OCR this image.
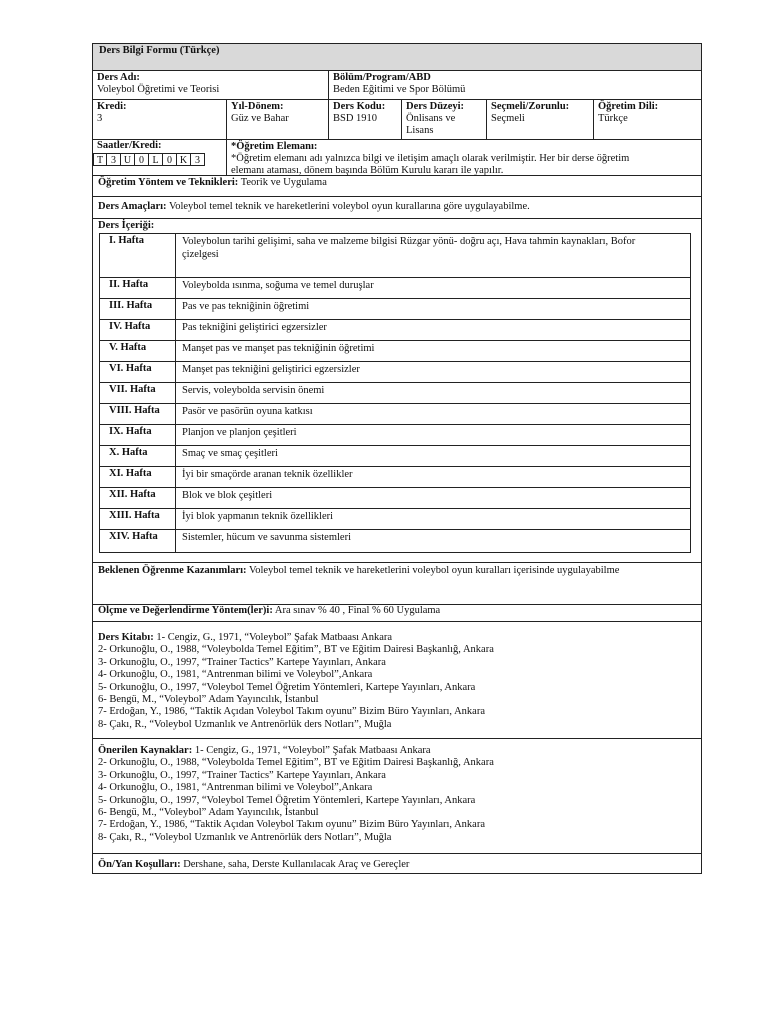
Ders Bilgi Formu (Türkçe)
Ders Adı:
Voleybol Öğretimi ve Teorisi
Bölüm/Program/ABD
Beden Eğitimi ve Spor Bölümü
Kredi:
3
Yıl-Dönem:
Güz ve Bahar
Ders Kodu:
BSD 1910
Ders Düzeyi:
Önlisans ve Lisans
Seçmeli/Zorunlu:
Seçmeli
Öğretim Dili:
Türkçe
Saatler/Kredi:
T 3 U 0 L 0 K 3
*Öğretim Elemanı:
*Öğretim elemanı adı yalnızca bilgi ve iletişim amaçlı olarak verilmiştir. Her bir derse öğretim
elemanı ataması, dönem başında Bölüm Kurulu kararı ile yapılır.
Öğretim Yöntem ve Teknikleri: Teorik ve Uygulama
Ders Amaçları: Voleybol temel teknik ve hareketlerini voleybol oyun kurallarına göre uygulayabilme.
Ders İçeriği:
I. Hafta	Voleybolun tarihi gelişimi, saha ve malzeme bilgisi Rüzgar yönü- doğru açı, Hava tahmin kaynakları, Bofor
çizelgesi
II. Hafta	Voleybolda ısınma, soğuma ve temel duruşlar
III. Hafta	Pas ve pas tekniğinin öğretimi
IV. Hafta	Pas tekniğini geliştirici egzersizler
V. Hafta	Manşet pas ve manşet pas tekniğinin öğretimi
VI. Hafta	Manşet pas tekniğini geliştirici egzersizler
VII. Hafta	Servis, voleybolda servisin önemi
VIII. Hafta	Pasör ve pasörün oyuna katkısı
IX. Hafta	Planjon ve planjon çeşitleri
X. Hafta	Smaç ve smaç çeşitleri
XI. Hafta	İyi bir smaçörde aranan teknik özellikler
XII. Hafta	Blok ve blok çeşitleri
XIII. Hafta	İyi blok yapmanın teknik özellikleri
XIV. Hafta	Sistemler, hücum ve savunma sistemleri
Beklenen Öğrenme Kazanımları: Voleybol temel teknik ve hareketlerini voleybol oyun kuralları içerisinde uygulayabilme
Ölçme ve Değerlendirme Yöntem(ler)i: Ara sınav % 40 , Final % 60 Uygulama
Ders Kitabı: 1- Cengiz, G., 1971, “Voleybol” Şafak Matbaası Ankara
2- Orkunoğlu, O., 1988, “Voleybolda Temel Eğitim”, BT ve Eğitim Dairesi Başkanlığ, Ankara
3- Orkunoğlu, O., 1997, “Trainer Tactics” Kartepe Yayınları, Ankara
4- Orkunoğlu, O., 1981, “Antrenman bilimi ve Voleybol”,Ankara
5- Orkunoğlu, O., 1997, “Voleybol Temel Öğretim Yöntemleri, Kartepe Yayınları, Ankara
6- Bengü, M., “Voleybol” Adam Yayıncılık, İstanbul
7- Erdoğan, Y., 1986, “Taktik Açıdan Voleybol Takım oyunu” Bizim Büro Yayınları, Ankara
8- Çakı, R., “Voleybol Uzmanlık ve Antrenörlük ders Notları”, Muğla
Önerilen Kaynaklar: 1- Cengiz, G., 1971, “Voleybol” Şafak Matbaası Ankara
2- Orkunoğlu, O., 1988, “Voleybolda Temel Eğitim”, BT ve Eğitim Dairesi Başkanlığ, Ankara
3- Orkunoğlu, O., 1997, “Trainer Tactics” Kartepe Yayınları, Ankara
4- Orkunoğlu, O., 1981, “Antrenman bilimi ve Voleybol”,Ankara
5- Orkunoğlu, O., 1997, “Voleybol Temel Öğretim Yöntemleri, Kartepe Yayınları, Ankara
6- Bengü, M., “Voleybol” Adam Yayıncılık, İstanbul
7- Erdoğan, Y., 1986, “Taktik Açıdan Voleybol Takım oyunu” Bizim Büro Yayınları, Ankara
8- Çakı, R., “Voleybol Uzmanlık ve Antrenörlük ders Notları”, Muğla
Ön/Yan Koşulları: Dershane, saha, Derste Kullanılacak Araç ve Gereçler
